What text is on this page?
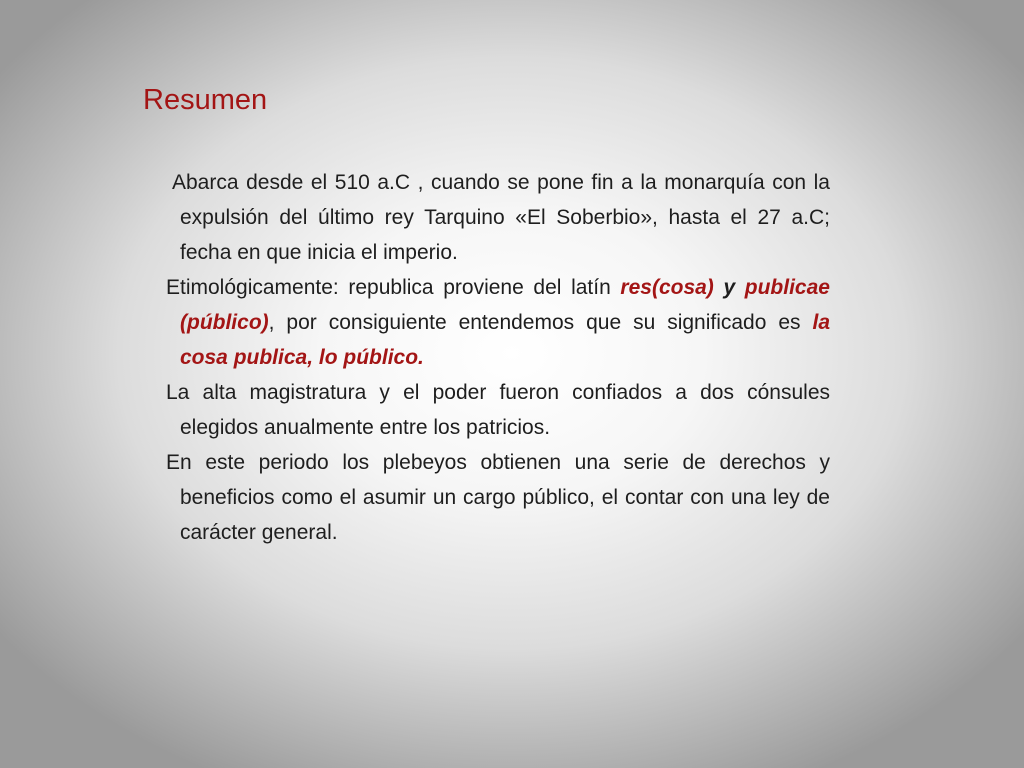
Resumen

Abarca desde el 510 a.C , cuando se pone fin a la monarquía con la expulsión del último rey Tarquino «El Soberbio», hasta el 27 a.C; fecha en que inicia el imperio.

Etimológicamente: republica proviene del latín res(cosa) y publicae (público), por consiguiente entendemos que su significado es la cosa publica, lo público.

La alta magistratura y el poder fueron confiados a dos cónsules elegidos anualmente entre los patricios.

En este periodo los plebeyos obtienen una serie de derechos y beneficios como el asumir un cargo público, el contar con una ley de carácter general.
